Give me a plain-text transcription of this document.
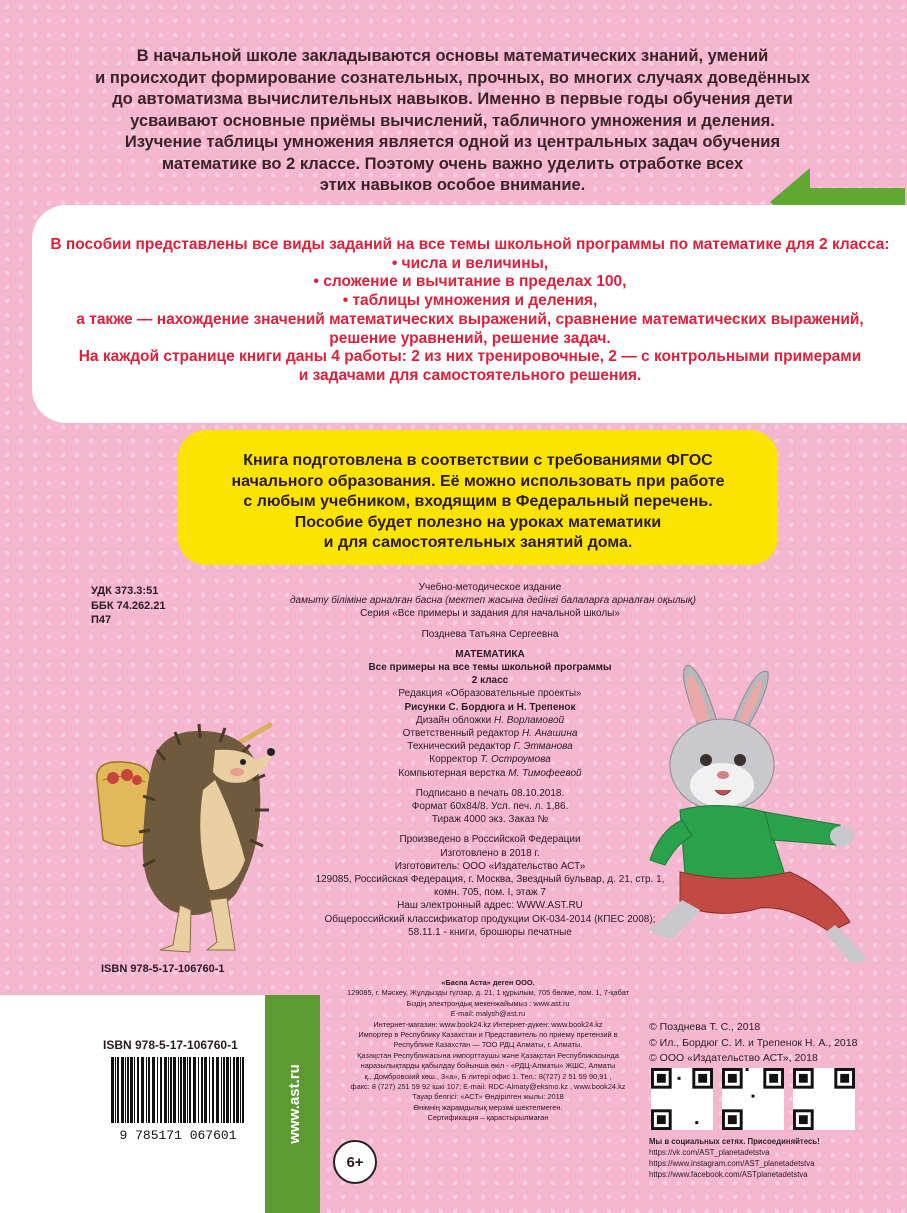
В начальной школе закладываются основы математических знаний, умений
и происходит формирование сознательных, прочных, во многих случаях доведённых
до автоматизма вычислительных навыков. Именно в первые годы обучения дети
усваивают основные приёмы вычислений, табличного умножения и деления.
Изучение таблицы умножения является одной из центральных задач обучения
математике во 2 классе. Поэтому очень важно уделить отработке всех
этих навыков особое внимание.
В пособии представлены все виды заданий на все темы школьной программы по математике для 2 класса:
• числа и величины,
• сложение и вычитание в пределах 100,
• таблицы умножения и деления,
а также — нахождение значений математических выражений, сравнение математических выражений,
решение уравнений, решение задач.
На каждой странице книги даны 4 работы: 2 из них тренировочные, 2 — с контрольными примерами
и задачами для самостоятельного решения.
Книга подготовлена в соответствии с требованиями ФГОС
начального образования. Её можно использовать при работе
с любым учебником, входящим в Федеральный перечень.
Пособие будет полезно на уроках математики
и для самостоятельных занятий дома.
УДК 373.3:51
ББК 74.262.21
П47
ISBN 978-5-17-106760-1
Учебно-методическое издание
дамыту білiмiне арналған басна (мектеп жасына дейiнгi балаларға арналған оқылық)
Серия «Все примеры и задания для начальной школы»
Позднева Татьяна Сергеевна
МАТЕМАТИКА
Все примеры на все темы школьной программы
2 класс
Редакция «Образовательные проекты»
Рисунки С. Бордюга и Н. Трепенок
Дизайн обложки Н. Ворламовой
Ответственный редактор Н. Анашина
Технический редактор Г. Этманова
Корректор Т. Остроумова
Компьютерная верстка М. Тимофеевой
Подписано в печать 08.10.2018.
Формат 60x84/8. Усл. печ. л. 1,86.
Тираж 4000 экз. Заказ №
Произведено в Российской Федерации
Изготовлено в 2018 г.
Изготовитель: ООО «Издательство АСТ»
129085, Российская Федерация, г. Москва, Звездный бульвар, д. 21, стр. 1,
комн. 705, пом. I, этаж 7
Наш электронный адрес: WWW.AST.RU
Общероссийский классификатор продукции ОК-034-2014 (КПЕС 2008);
58.11.1 - книги, брошюры печатные
«Баспа Аста» деген ООО.
129085, г. Мәскеу, Жұлдызды гүлзар, д. 21, 1 құрылым, 705 бөлме, пом. 1, 7-қабат
Біздің электрондық мекенжайымыз : www.ast.ru
E-mail: malysh@ast.ru
Интернет-магазин: www.book24.kz Интернет-дүкен: www.book24.kz
Импортер в Республику Казахстан и Представитель по приему претензий в
Республике Казахстан — ТОО РДЦ Алматы, г. Алматы.
Қазақстан Республикасына импорттаушы және Қазақстан Республикасында
наразылықтарды қабылдау бойынша өкіл - «РДЦ-Алматы» ЖШС, Алматы
қ., Домбровский көш., 3«а», Б литері офис 1. Тел.: 8(727) 2 51 59 90,91 ,
факс: 8 (727) 251 59 92 ішкі 107; E-mail: RDC-Almaty@eksmo.kz , www.book24.kz
Тауар белгісі: «АСТ» Өндірілген жылы: 2018
Өнімнің жарамдылық мерзімі шектелмеген.
Сертификация – қарастырылмаған
ISBN 978-5-17-106760-1
9 785171 067601	www.ast.ru
6+
© Позднева Т. С., 2018
© Ил., Бордюг С. И. и Трепенок Н. А., 2018
© ООО «Издательство АСТ», 2018
Мы в социальных сетях. Присоединяйтесь!
https://vk.com/AST_planetadetstva
https://www.instagram.com/AST_planetadetstva
https://www.facebook.com/ASTplanetadetstva
